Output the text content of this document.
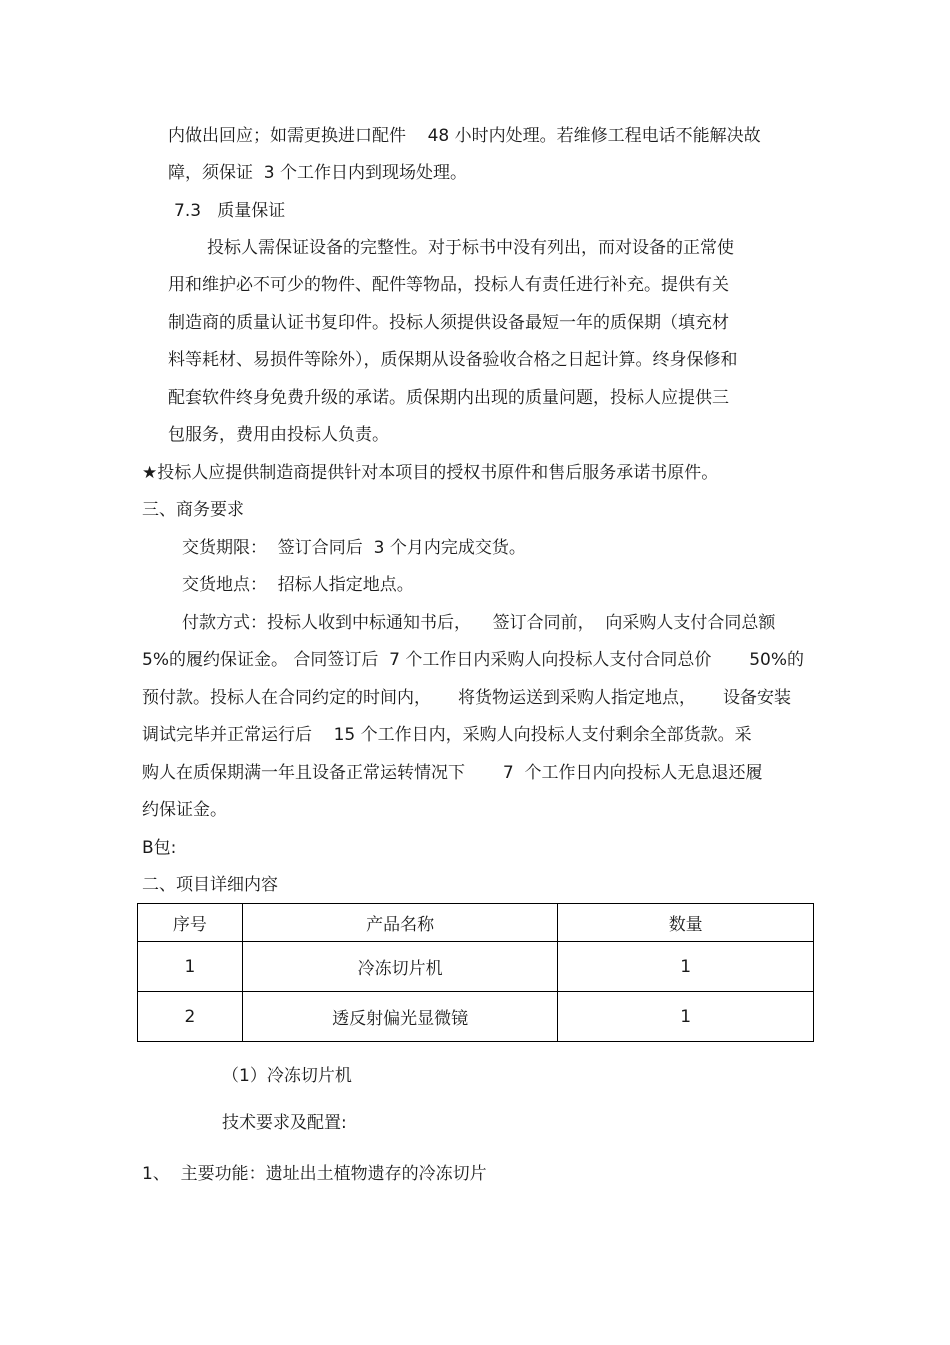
内做出回应；如需更换进口配件    48 小时内处理。若维修工程电话不能解决故
障，须保证  3 个工作日内到现场处理。
7.3   质量保证
投标人需保证设备的完整性。对于标书中没有列出，而对设备的正常使
用和维护必不可少的物件、配件等物品，投标人有责任进行补充。提供有关
制造商的质量认证书复印件。投标人须提供设备最短一年的质保期（填充材
料等耗材、易损件等除外），质保期从设备验收合格之日起计算。终身保修和
配套软件终身免费升级的承诺。质保期内出现的质量问题，投标人应提供三
包服务，费用由投标人负责。
★投标人应提供制造商提供针对本项目的授权书原件和售后服务承诺书原件。
三、商务要求
交货期限：  签订合同后  3 个月内完成交货。
交货地点：  招标人指定地点。
付款方式：投标人收到中标通知书后，    签订合同前，  向采购人支付合同总额
5%的履约保证金。 合同签订后  7 个工作日内采购人向投标人支付合同总价       50%的
预付款。投标人在合同约定的时间内，     将货物运送到采购人指定地点，     设备安装
调试完毕并正常运行后    15 个工作日内，采购人向投标人支付剩余全部货款。采
购人在质保期满一年且设备正常运转情况下       7  个工作日内向投标人无息退还履
约保证金。
B包:
二、项目详细内容
序号	产品名称	数量
1	冷冻切片机	1
2	透反射偏光显微镜	1
（1）冷冻切片机
技术要求及配置:
1、  主要功能：遗址出土植物遗存的冷冻切片
